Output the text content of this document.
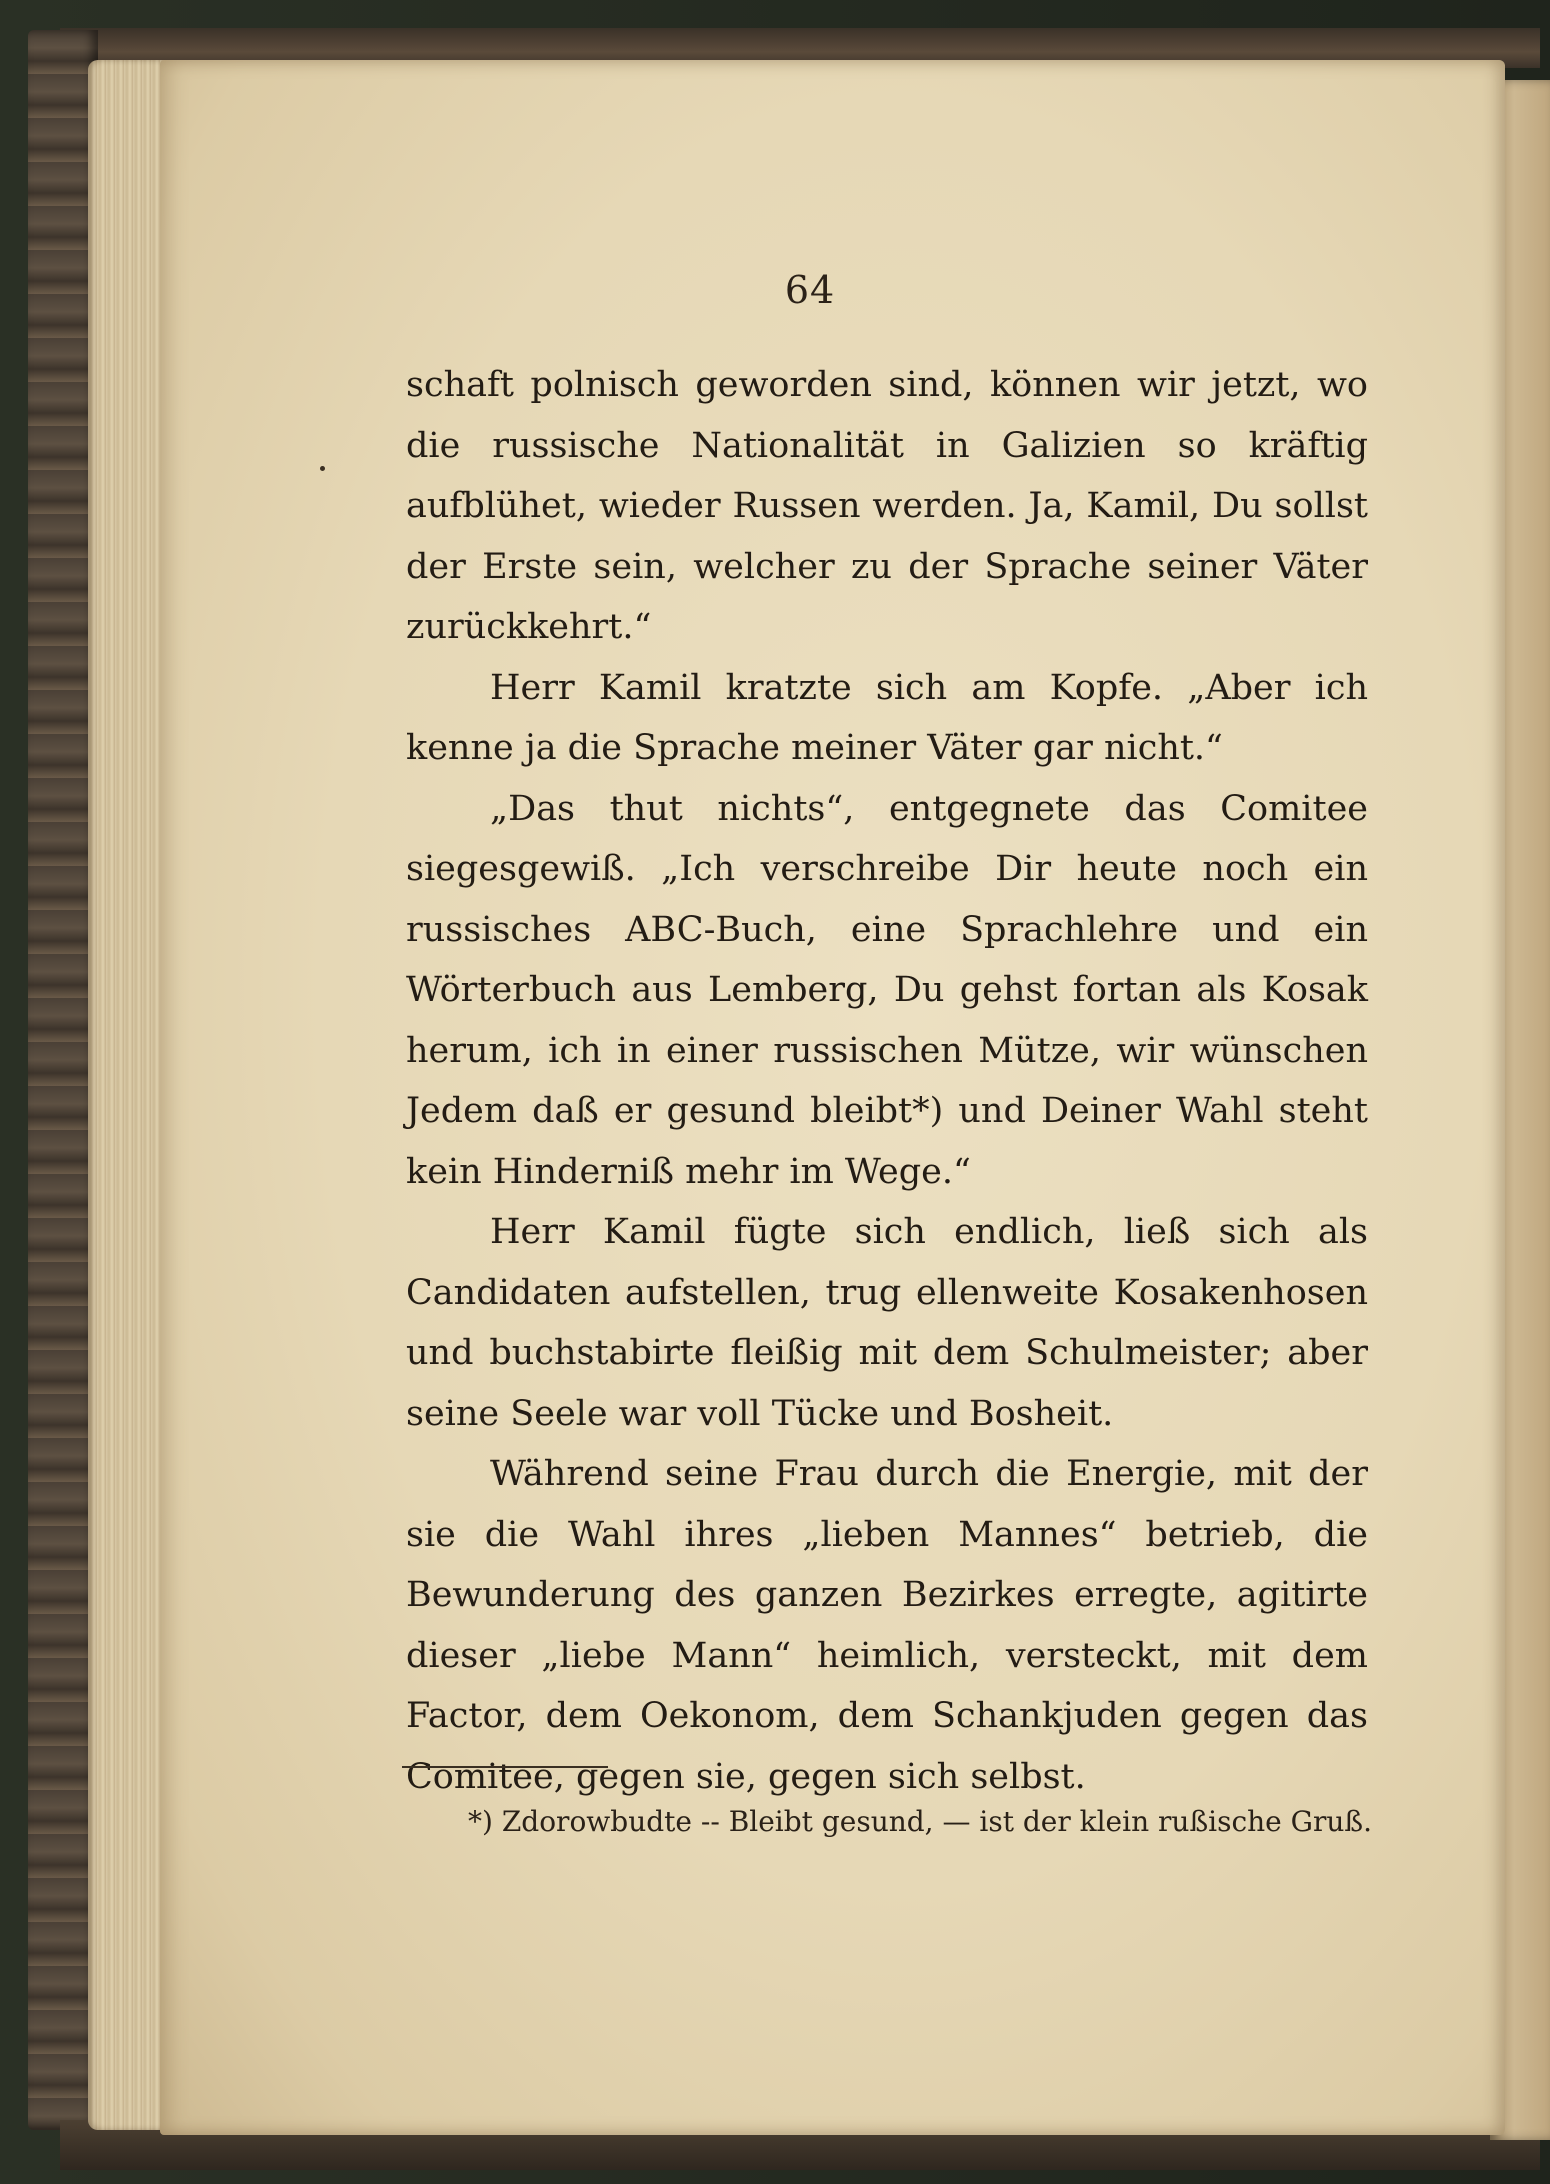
64

schaft polnisch geworden sind, können wir jetzt, wo die russische Nationalität in Galizien so kräftig aufblühet, wieder Russen werden. Ja, Kamil, Du sollst der Erste sein, welcher zu der Sprache seiner Väter zurückkehrt.“

Herr Kamil kratzte sich am Kopfe. „Aber ich kenne ja die Sprache meiner Väter gar nicht.“

„Das thut nichts“, entgegnete das Comitee siegesgewiß. „Ich verschreibe Dir heute noch ein russisches ABC-Buch, eine Sprachlehre und ein Wörterbuch aus Lemberg, Du gehst fortan als Kosak herum, ich in einer russischen Mütze, wir wünschen Jedem daß er gesund bleibt*) und Deiner Wahl steht kein Hinderniß mehr im Wege.“

Herr Kamil fügte sich endlich, ließ sich als Candidaten aufstellen, trug ellenweite Kosakenhosen und buchstabirte fleißig mit dem Schulmeister; aber seine Seele war voll Tücke und Bosheit.

Während seine Frau durch die Energie, mit der sie die Wahl ihres „lieben Mannes“ betrieb, die Bewunderung des ganzen Bezirkes erregte, agitirte dieser „liebe Mann“ heimlich, versteckt, mit dem Factor, dem Oekonom, dem Schankjuden gegen das Comitee, gegen sie, gegen sich selbst.

*) Zdorowbudte -- Bleibt gesund, — ist der klein rußische Gruß.
